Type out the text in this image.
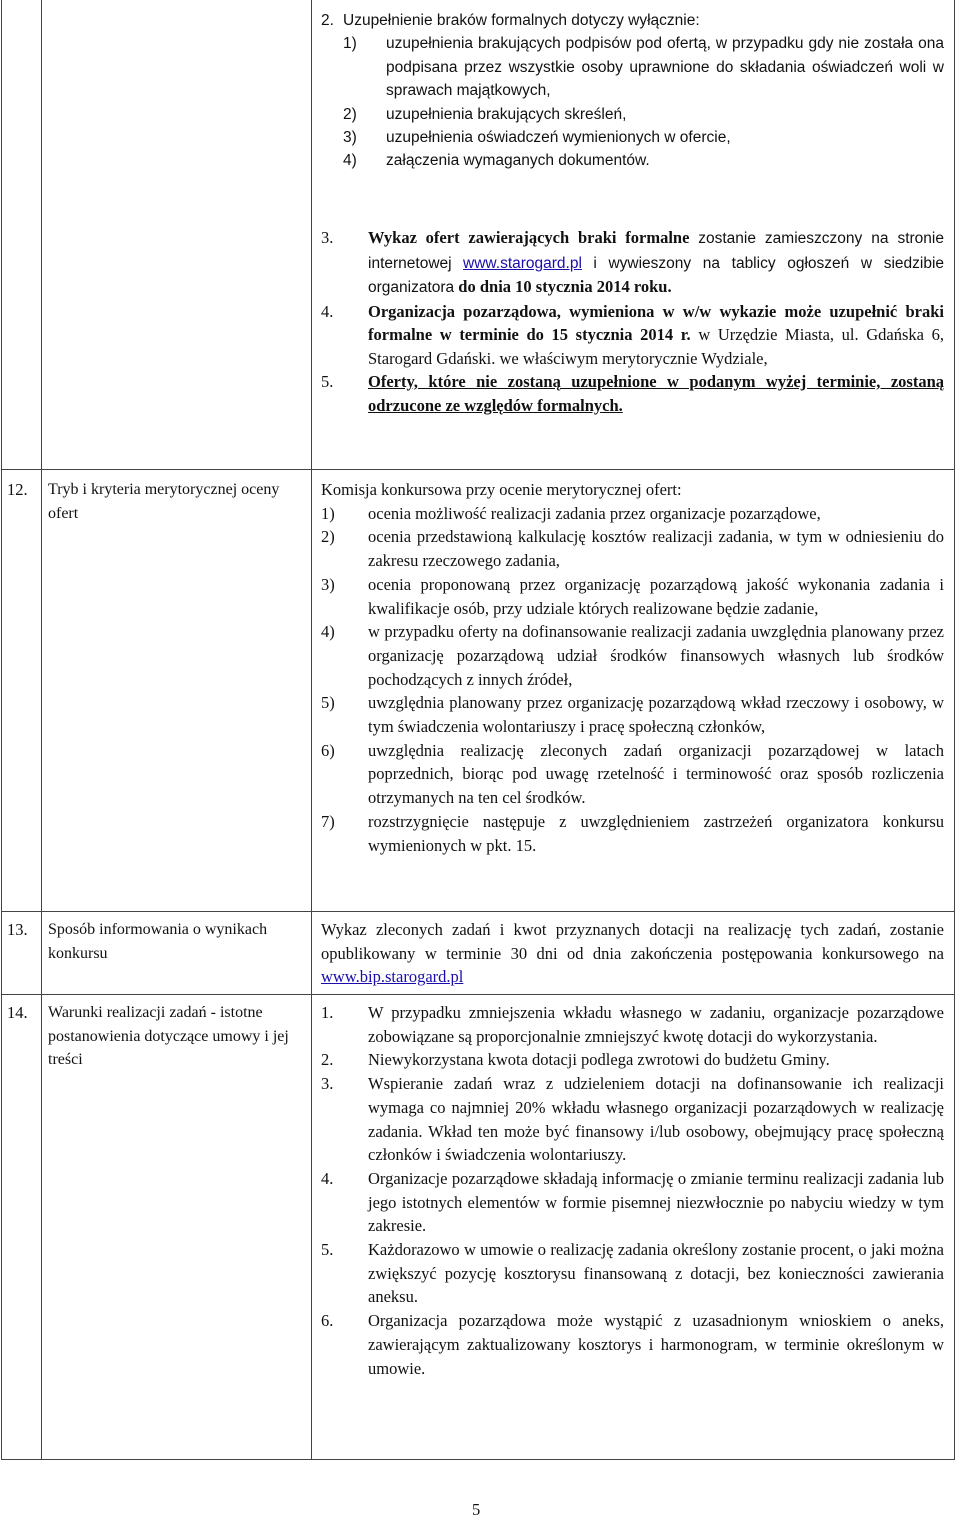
12. Tryb i kryteria merytorycznej oceny ofert
13. Sposób informowania o wynikach konkursu
14. Warunki realizacji zadań - istotne postanowienia dotyczące umowy i jej treści
2. Uzupełnienie braków formalnych dotyczy wyłącznie:
1) uzupełnienia brakujących podpisów pod ofertą, w przypadku gdy nie została ona podpisana przez wszystkie osoby uprawnione do składania oświadczeń woli w sprawach majątkowych,
2) uzupełnienia brakujących skreśleń,
3) uzupełnienia oświadczeń wymienionych w ofercie,
4) załączenia wymaganych dokumentów.
3. Wykaz ofert zawierających braki formalne zostanie zamieszczony na stronie internetowej www.starogard.pl i wywieszony na tablicy ogłoszeń w siedzibie organizatora do dnia 10 stycznia 2014 roku.
4. Organizacja pozarządowa, wymieniona w w/w wykazie może uzupełnić braki formalne w terminie do 15 stycznia 2014 r. w Urzędzie Miasta, ul. Gdańska 6, Starogard Gdański. we właściwym merytorycznie Wydziale,
5. Oferty, które nie zostaną uzupełnione w podanym wyżej terminie, zostaną odrzucone ze względów formalnych.
Komisja konkursowa przy ocenie merytorycznej ofert:
1) ocenia możliwość realizacji zadania przez organizacje pozarządowe,
2) ocenia przedstawioną kalkulację kosztów realizacji zadania, w tym w odniesieniu do zakresu rzeczowego zadania,
3) ocenia proponowaną przez organizację pozarządową jakość wykonania zadania i kwalifikacje osób, przy udziale których realizowane będzie zadanie,
4) w przypadku oferty na dofinansowanie realizacji zadania uwzględnia planowany przez organizację pozarządową udział środków finansowych własnych lub środków pochodzących z innych źródeł,
5) uwzględnia planowany przez organizację pozarządową wkład rzeczowy i osobowy, w tym świadczenia wolontariuszy i pracę społeczną członków,
6) uwzględnia realizację zleconych zadań organizacji pozarządowej w latach poprzednich, biorąc pod uwagę rzetelność i terminowość oraz sposób rozliczenia otrzymanych na ten cel środków.
7) rozstrzygnięcie następuje z uwzględnieniem zastrzeżeń organizatora konkursu wymienionych w pkt. 15.
Wykaz zleconych zadań i kwot przyznanych dotacji na realizację tych zadań, zostanie opublikowany w terminie 30 dni od dnia zakończenia postępowania konkursowego na www.bip.starogard.pl
1. W przypadku zmniejszenia wkładu własnego w zadaniu, organizacje pozarządowe zobowiązane są proporcjonalnie zmniejszyć kwotę dotacji do wykorzystania.
2. Niewykorzystana kwota dotacji podlega zwrotowi do budżetu Gminy.
3. Wspieranie zadań wraz z udzieleniem dotacji na dofinansowanie ich realizacji wymaga co najmniej 20% wkładu własnego organizacji pozarządowych w realizację zadania. Wkład ten może być finansowy i/lub osobowy, obejmujący pracę społeczną członków i świadczenia wolontariuszy.
4. Organizacje pozarządowe składają informację o zmianie terminu realizacji zadania lub jego istotnych elementów w formie pisemnej niezwłocznie po nabyciu wiedzy w tym zakresie.
5. Każdorazowo w umowie o realizację zadania określony zostanie procent, o jaki można zwiększyć pozycję kosztorysu finansowaną z dotacji, bez konieczności zawierania aneksu.
6. Organizacja pozarządowa może wystąpić z uzasadnionym wnioskiem o aneks, zawierającym zaktualizowany kosztorys i harmonogram, w terminie określonym w umowie.
5
